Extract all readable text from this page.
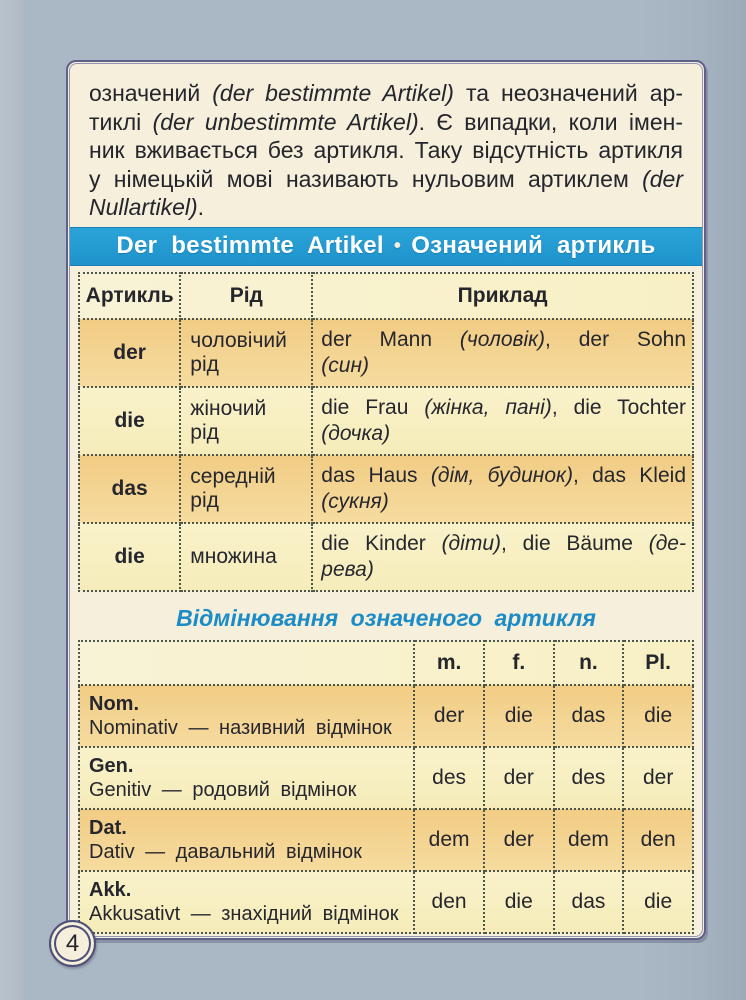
означений (der bestimmte Artikel) та неозначений ар-
тиклі (der unbestimmte Artikel). Є випадки, коли імен-
ник вживається без артикля. Таку відсутність артикля
у німецькій мові називають нульовим артиклем (der
Nullartikel).
Der bestimmte Artikel • Означений артикль
Артикль	Рід	Приклад
der	чоловічий рід	der Mann (чоловік), der Sohn
(син)

die	жіночий рід	die Frau (жінка, пані), die Tochter
(дочка)

das	середній рід	das Haus (дім, будинок), das Kleid
(сукня)

die	множина	die Kinder (діти), die Bäume (де-
рева)
Відмінювання означеного артикля
	m.	f.	n.	Pl.

Nom.
Nominativ — називний відмінок	der	die	das	die

Gen.
Genitiv — родовий відмінок	des	der	des	der

Dat.
Dativ — давальний відмінок	dem	der	dem	den

Akk.
Akkusativt — знахідний відмінок	den	die	das	die
4
